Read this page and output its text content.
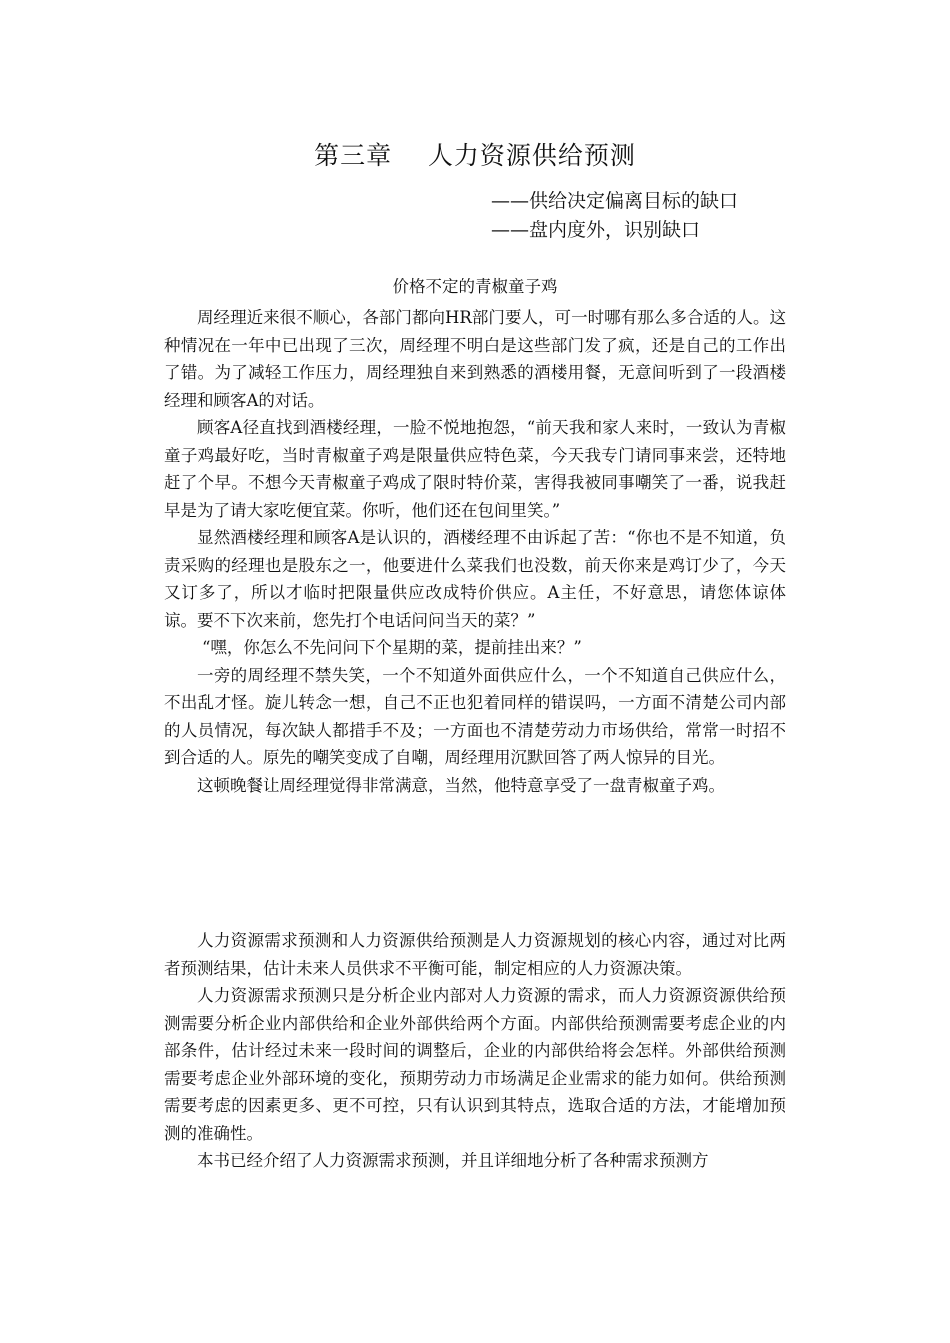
第三章    人力资源供给预测
——供给决定偏离目标的缺口
——盘内度外，识别缺口
价格不定的青椒童子鸡

周经理近来很不顺心，各部门都向HR部门要人，可一时哪有那么多合适的人。这种情况在一年中已出现了三次，周经理不明白是这些部门发了疯，还是自己的工作出了错。为了减轻工作压力，周经理独自来到熟悉的酒楼用餐，无意间听到了一段酒楼经理和顾客A的对话。

顾客A径直找到酒楼经理，一脸不悦地抱怨，“前天我和家人来时，一致认为青椒童子鸡最好吃，当时青椒童子鸡是限量供应特色菜，今天我专门请同事来尝，还特地赶了个早。不想今天青椒童子鸡成了限时特价菜，害得我被同事嘲笑了一番，说我赶早是为了请大家吃便宜菜。你听，他们还在包间里笑。”

显然酒楼经理和顾客A是认识的，酒楼经理不由诉起了苦：“你也不是不知道，负责采购的经理也是股东之一，他要进什么菜我们也没数，前天你来是鸡订少了，今天又订多了，所以才临时把限量供应改成特价供应。A主任，不好意思，请您体谅体谅。要不下次来前，您先打个电话问问当天的菜？”

“嘿，你怎么不先问问下个星期的菜，提前挂出来？”

一旁的周经理不禁失笑，一个不知道外面供应什么，一个不知道自己供应什么，不出乱才怪。旋儿转念一想，自己不正也犯着同样的错误吗，一方面不清楚公司内部的人员情况，每次缺人都措手不及；一方面也不清楚劳动力市场供给，常常一时招不到合适的人。原先的嘲笑变成了自嘲，周经理用沉默回答了两人惊异的目光。

这顿晚餐让周经理觉得非常满意，当然，他特意享受了一盘青椒童子鸡。

人力资源需求预测和人力资源供给预测是人力资源规划的核心内容，通过对比两者预测结果，估计未来人员供求不平衡可能，制定相应的人力资源决策。

人力资源需求预测只是分析企业内部对人力资源的需求，而人力资源资源供给预测需要分析企业内部供给和企业外部供给两个方面。内部供给预测需要考虑企业的内部条件，估计经过未来一段时间的调整后，企业的内部供给将会怎样。外部供给预测需要考虑企业外部环境的变化，预期劳动力市场满足企业需求的能力如何。供给预测需要考虑的因素更多、更不可控，只有认识到其特点，选取合适的方法，才能增加预测的准确性。

本书已经介绍了人力资源需求预测，并且详细地分析了各种需求预测方
